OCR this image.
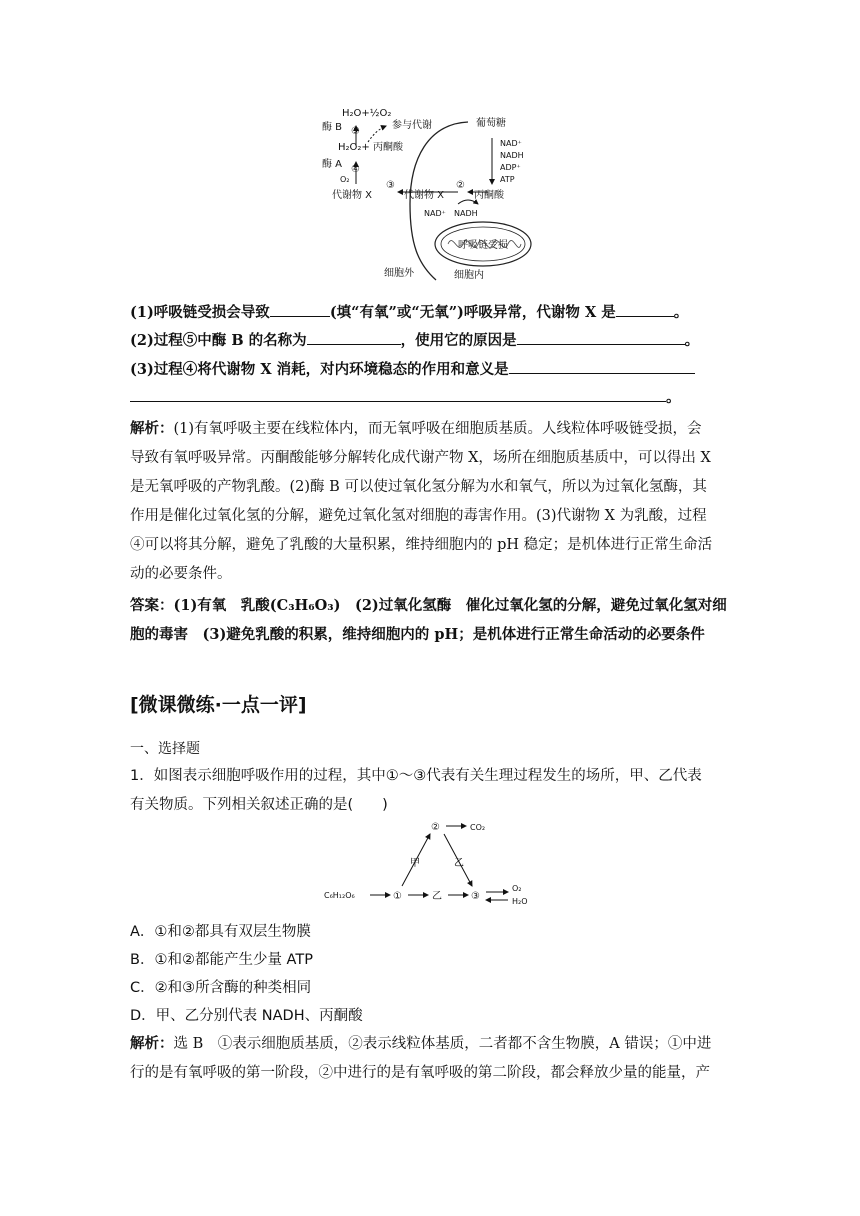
H₂O+½O₂
酶 B ⑤
参与代谢
H₂O₂+ 丙酮酸
酶 A ④
O₂
代谢物 X
③
代谢物 X
②
丙酮酸
葡萄糖
NAD⁺
NADH
ADP⁺
ATP
NAD⁺ NADH
呼吸链受损
细胞外	细胞内
(1)呼吸链受损会导致	(填“有氧”或“无氧”)呼吸异常，代谢物 X 是	。
(2)过程⑤中酶 B 的名称为	，使用它的原因是	。
(3)过程④将代谢物 X 消耗，对内环境稳态的作用和意义是
。
解析：(1)有氧呼吸主要在线粒体内，而无氧呼吸在细胞质基质。人线粒体呼吸链受损，会
导致有氧呼吸异常。丙酮酸能够分解转化成代谢产物 X，场所在细胞质基质中，可以得出 X
是无氧呼吸的产物乳酸。(2)酶 B 可以使过氧化氢分解为水和氧气，所以为过氧化氢酶，其
作用是催化过氧化氢的分解，避免过氧化氢对细胞的毒害作用。(3)代谢物 X 为乳酸，过程
④可以将其分解，避免了乳酸的大量积累，维持细胞内的 pH 稳定；是机体进行正常生命活
动的必要条件。
答案：(1)有氧　乳酸(C₃H₆O₃)　(2)过氧化氢酶　催化过氧化氢的分解，避免过氧化氢对细
胞的毒害　(3)避免乳酸的积累，维持细胞内的 pH；是机体进行正常生命活动的必要条件
[微课微练·一点一评]
一、选择题
1．如图表示细胞呼吸作用的过程，其中①～③代表有关生理过程发生的场所，甲、乙代表
有关物质。下列相关叙述正确的是(　　)
C₆H₁₂O₆	①	乙	③
O₂
H₂O
②	CO₂
甲	乙
A．①和②都具有双层生物膜
B．①和②都能产生少量 ATP
C．②和③所含酶的种类相同
D．甲、乙分别代表 NADH、丙酮酸
解析：选 B　①表示细胞质基质，②表示线粒体基质，二者都不含生物膜，A 错误；①中进
行的是有氧呼吸的第一阶段，②中进行的是有氧呼吸的第二阶段，都会释放少量的能量，产
